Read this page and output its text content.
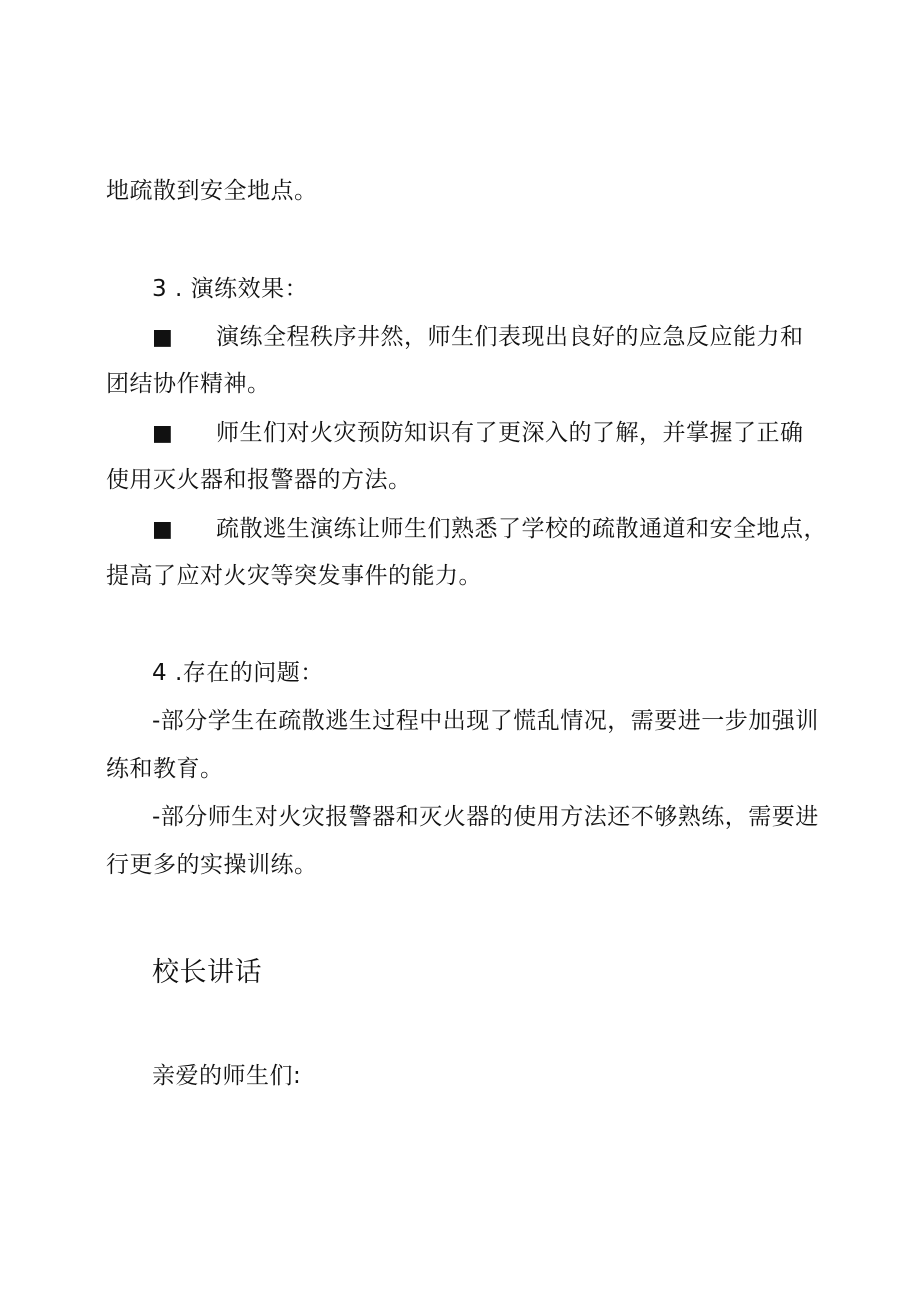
地疏散到安全地点。
3 . 演练效果：
■ 演练全程秩序井然，师生们表现出良好的应急反应能力和
团结协作精神。
■ 师生们对火灾预防知识有了更深入的了解，并掌握了正确
使用灭火器和报警器的方法。
■ 疏散逃生演练让师生们熟悉了学校的疏散通道和安全地点，
提高了应对火灾等突发事件的能力。
4 .存在的问题：
-部分学生在疏散逃生过程中出现了慌乱情况，需要进一步加强训
练和教育。
-部分师生对火灾报警器和灭火器的使用方法还不够熟练，需要进
行更多的实操训练。
校长讲话
亲爱的师生们:
